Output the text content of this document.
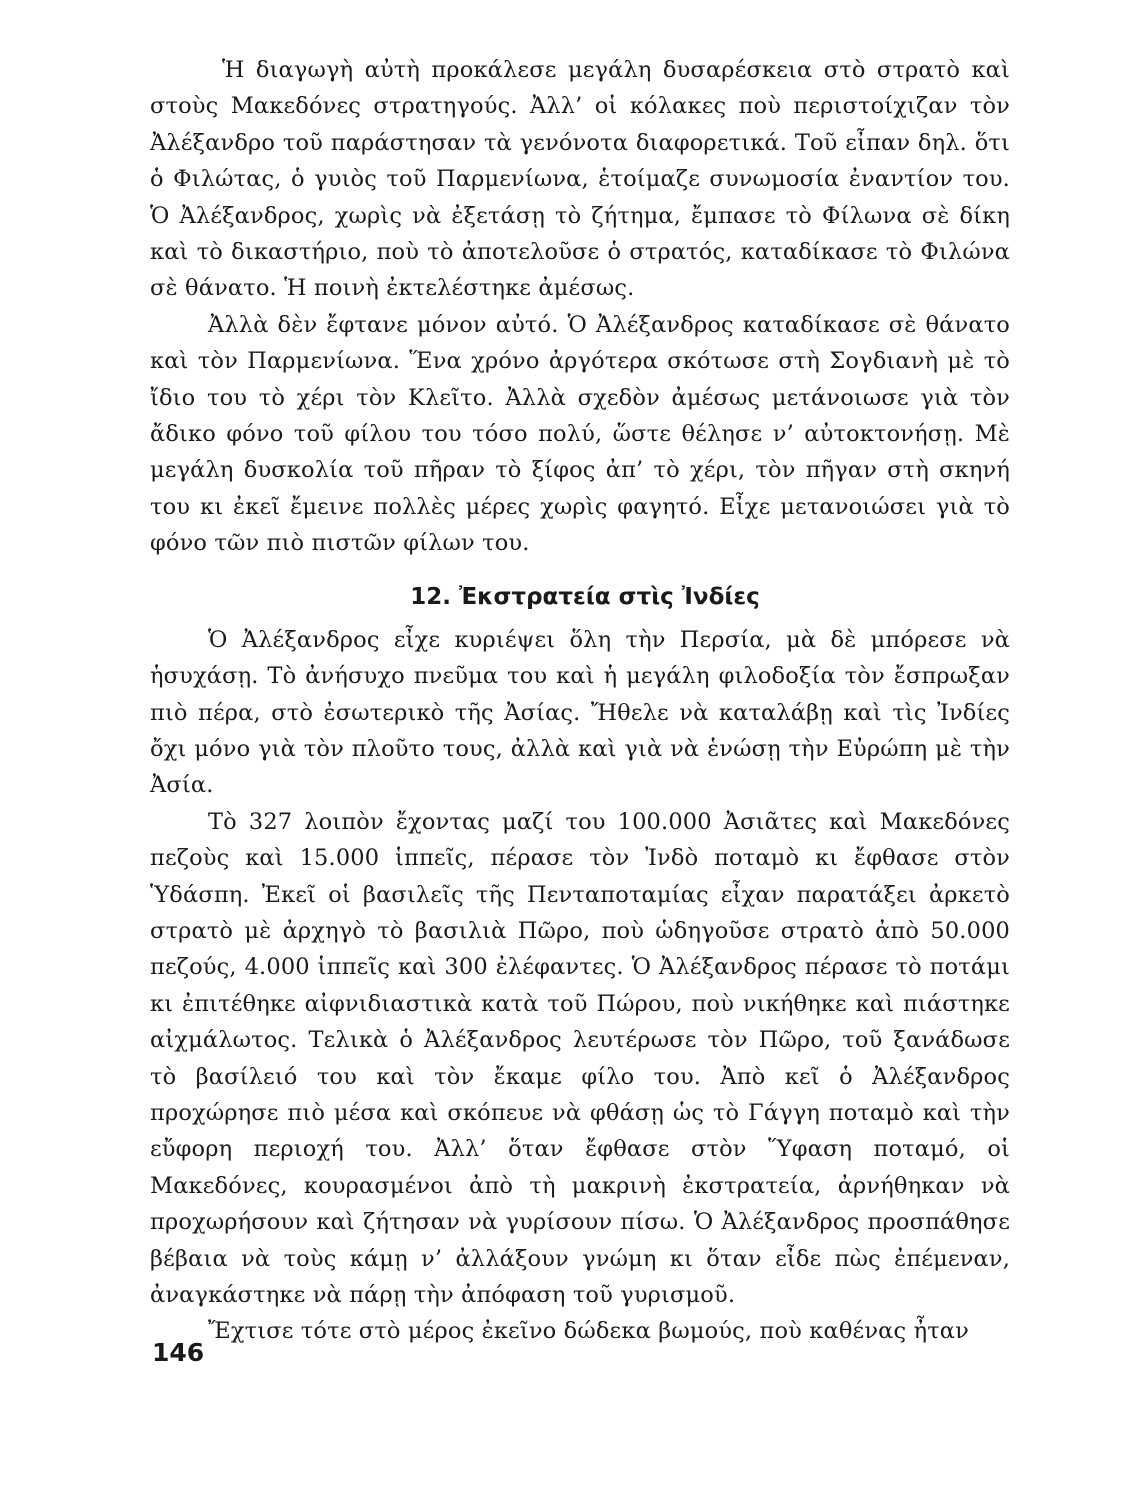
Ἡ διαγωγὴ αὐτὴ προκάλεσε μεγάλη δυσαρέσκεια στὸ στρατὸ καὶ στοὺς Μακεδόνες στρατηγούς. Ἀλλ’ οἱ κόλακες ποὺ περιστοίχιζαν τὸν Ἀλέξανδρο τοῦ παράστησαν τὰ γενόνοτα διαφορετικά. Τοῦ εἶπαν δηλ. ὅτι ὁ Φιλώτας, ὁ γυιὸς τοῦ Παρμενίωνα, ἑτοίμαζε συνωμοσία ἐναντίον του. Ὁ Ἀλέξανδρος, χωρὶς νὰ ἐξετάσῃ τὸ ζήτημα, ἔμπασε τὸ Φίλωνα σὲ δίκη καὶ τὸ δικαστήριο, ποὺ τὸ ἀποτελοῦσε ὁ στρατός, καταδίκασε τὸ Φιλώνα σὲ θάνατο. Ἡ ποινὴ ἐκτελέστηκε ἀμέσως.

Ἀλλὰ δὲν ἔφτανε μόνον αὐτό. Ὁ Ἀλέξανδρος καταδίκασε σὲ θάνατο καὶ τὸν Παρμενίωνα. Ἕνα χρόνο ἀργότερα σκότωσε στὴ Σογδιανὴ μὲ τὸ ἴδιο του τὸ χέρι τὸν Κλεῖτο. Ἀλλὰ σχεδὸν ἀμέσως μετάνοιωσε γιὰ τὸν ἄδικο φόνο τοῦ φίλου του τόσο πολύ, ὥστε θέλησε ν’ αὐτοκτονήσῃ. Μὲ μεγάλη δυσκολία τοῦ πῆραν τὸ ξίφος ἀπ’ τὸ χέρι, τὸν πῆγαν στὴ σκηνή του κι ἐκεῖ ἔμεινε πολλὲς μέρες χωρὶς φαγητό. Εἶχε μετανοιώσει γιὰ τὸ φόνο τῶν πιὸ πιστῶν φίλων του.

12. Ἐκστρατεία στὶς Ἰνδίες

Ὁ Ἀλέξανδρος εἶχε κυριέψει ὅλη τὴν Περσία, μὰ δὲ μπόρεσε νὰ ἡσυχάσῃ. Τὸ ἀνήσυχο πνεῦμα του καὶ ἡ μεγάλη φιλοδοξία τὸν ἔσπρωξαν πιὸ πέρα, στὸ ἐσωτερικὸ τῆς Ἀσίας. Ἤθελε νὰ καταλάβῃ καὶ τὶς Ἰνδίες ὄχι μόνο γιὰ τὸν πλοῦτο τους, ἀλλὰ καὶ γιὰ νὰ ἑνώσῃ τὴν Εὐρώπη μὲ τὴν Ἀσία.

Τὸ 327 λοιπὸν ἔχοντας μαζί του 100.000 Ἀσιᾶτες καὶ Μακεδόνες πεζοὺς καὶ 15.000 ἱππεῖς, πέρασε τὸν Ἰνδὸ ποταμὸ κι ἔφθασε στὸν Ὑδάσπη. Ἐκεῖ οἱ βασιλεῖς τῆς Πενταποταμίας εἶχαν παρατάξει ἀρκετὸ στρατὸ μὲ ἀρχηγὸ τὸ βασιλιὰ Πῶρο, ποὺ ὡδηγοῦσε στρατὸ ἀπὸ 50.000 πεζούς, 4.000 ἱππεῖς καὶ 300 ἐλέφαντες. Ὁ Ἀλέξανδρος πέρασε τὸ ποτάμι κι ἐπιτέθηκε αἰφνιδιαστικὰ κατὰ τοῦ Πώρου, ποὺ νικήθηκε καὶ πιάστηκε αἰχμάλωτος. Τελικὰ ὁ Ἀλέξανδρος λευτέρωσε τὸν Πῶρο, τοῦ ξανάδωσε τὸ βασίλειό του καὶ τὸν ἔκαμε φίλο του. Ἀπὸ κεῖ ὁ Ἀλέξανδρος προχώρησε πιὸ μέσα καὶ σκόπευε νὰ φθάσῃ ὡς τὸ Γάγγη ποταμὸ καὶ τὴν εὔφορη περιοχή του. Ἀλλ’ ὅταν ἔφθασε στὸν Ὕφαση ποταμό, οἱ Μακεδόνες, κουρασμένοι ἀπὸ τὴ μακρινὴ ἐκστρατεία, ἀρνήθηκαν νὰ προχωρήσουν καὶ ζήτησαν νὰ γυρίσουν πίσω. Ὁ Ἀλέξανδρος προσπάθησε βέβαια νὰ τοὺς κάμῃ ν’ ἀλλάξουν γνώμη κι ὅταν εἶδε πὼς ἐπέμεναν, ἀναγκάστηκε νὰ πάρῃ τὴν ἀπόφαση τοῦ γυρισμοῦ.

Ἔχτισε τότε στὸ μέρος ἐκεῖνο δώδεκα βωμούς, ποὺ καθένας ἦταν

146
